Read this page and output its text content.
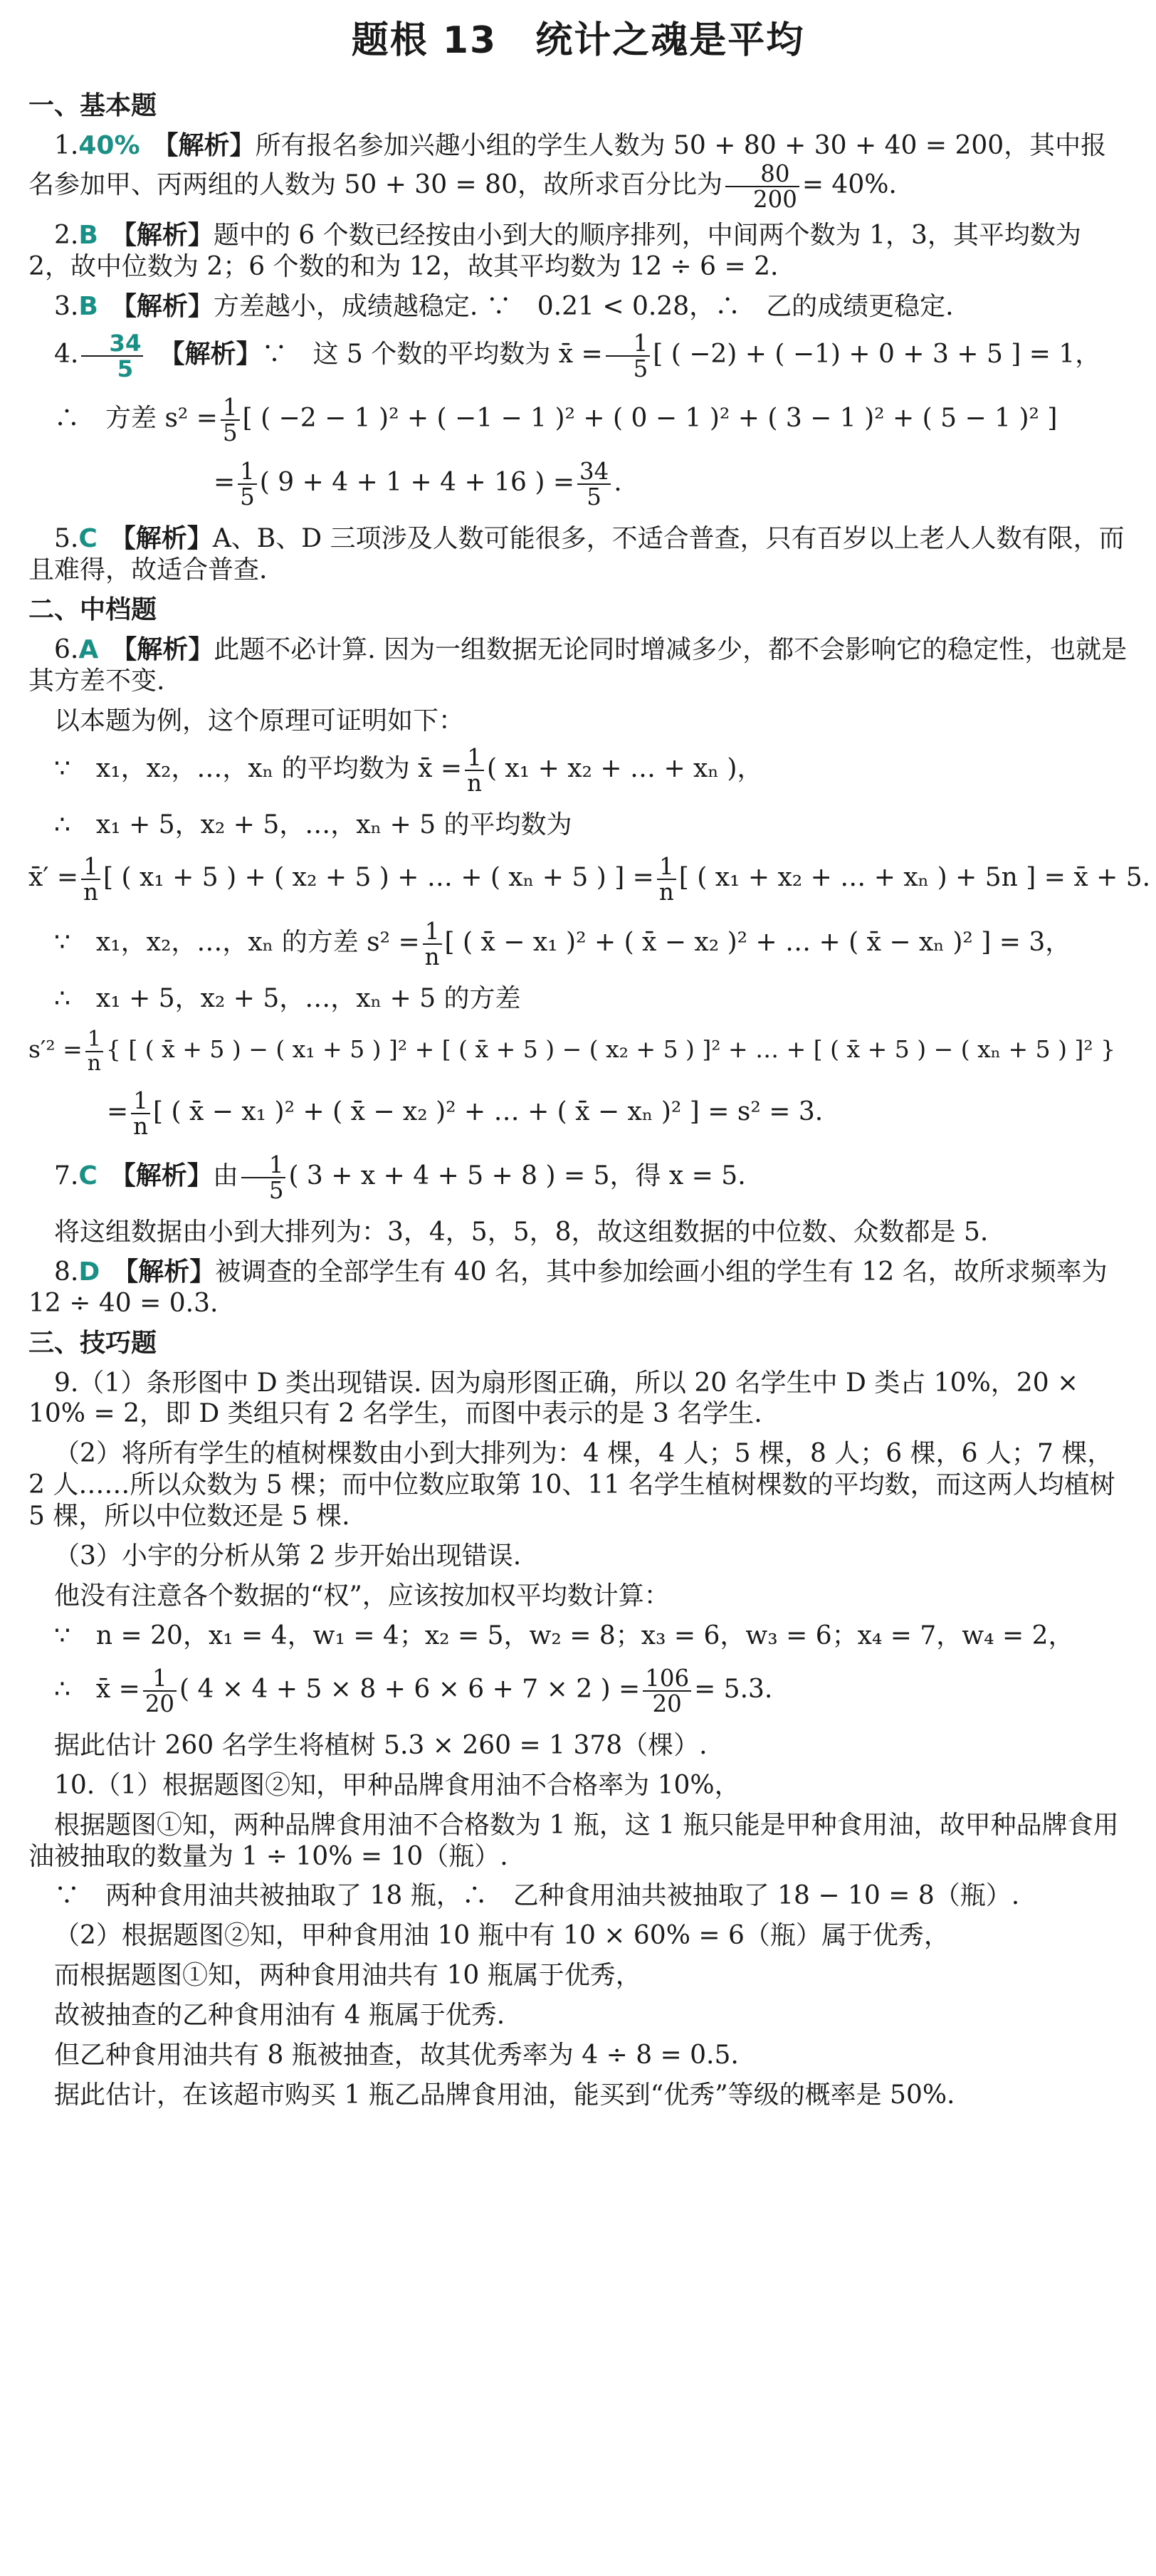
题根 13　统计之魂是平均
一、基本题
1.40%　 【解析】所有报名参加兴趣小组的学生人数为 50 + 80 + 30 + 40 = 200，其中报名参加甲、丙两组的人数为 50 + 30 = 80，故所求百分比为 $\frac{80}{200} = 40\%$.
2.B　 【解析】题中的 6 个数已经按由小到大的顺序排列，中间两个数为 1，3，其平均数为 2，故中位数为 2；6 个数的和为 12，故其平均数为 12 ÷ 6 = 2.
3.B　 【解析】方差越小，成绩越稳定. ∵　0.21 < 0.28，∴　乙的成绩更稳定.
4. $\frac{34}{5}$
　 【解析】∵　这 5 个数的平均数为 x̄ = $\frac{1}{5}$ [ ( −2) + ( −1) + 0 + 3 + 5 ] = 1，
∴　方差 $s^2 = \frac{1}{5}$ [ ( −2 − 1 )² + ( −1 − 1 )² + ( 0 − 1 )² + ( 3 − 1 )² + ( 5 − 1 )² ]
= $\frac{1}{5}$ ( 9 + 4 + 1 + 4 + 16 ) = $\frac{34}{5}$ .
5.C　 【解析】A、B、D 三项涉及人数可能很多，不适合普查，只有百岁以上老人人数有限，而且难得，故适合普查.
二、中档题
6.A　 【解析】此题不必计算. 因为一组数据无论同时增减多少，都不会影响它的稳定性，也就是其方差不变.
以本题为例，这个原理可证明如下：
∵　x₁，x₂，…，xₙ 的平均数为 x̄ = $\frac{1}{n}$ ( x₁ + x₂ + … + xₙ )，
∴　x₁ + 5，x₂ + 5，…，xₙ + 5 的平均数为
x̄′ = $\frac{1}{n}$ [ ( x₁ + 5 ) + ( x₂ + 5 ) + … + ( xₙ + 5 ) ] = $\frac{1}{n}$ [ ( x₁ + x₂ + … + xₙ ) + 5n ] = x̄ + 5.
∵　x₁，x₂，…，xₙ 的方差 $s^2 = \frac{1}{n}$ [ ( x̄ − x₁ )² + ( x̄ − x₂ )² + … + ( x̄ − xₙ )² ] = 3，
∴　x₁ + 5，x₂ + 5，…，xₙ + 5 的方差
$s'^2 = \frac{1}{n}$ { [ ( x̄ + 5 ) − ( x₁ + 5 ) ]² + [ ( x̄ + 5 ) − ( x₂ + 5 ) ]² + … + [ ( x̄ + 5 ) − ( xₙ + 5 ) ]² }
= $\frac{1}{n}$ [ ( x̄ − x₁ )² + ( x̄ − x₂ )² + … + ( x̄ − xₙ )² ] = s² = 3.
7.C　 【解析】由 $\frac{1}{5}$ ( 3 + x + 4 + 5 + 8 ) = 5，得 x = 5.
将这组数据由小到大排列为：3，4，5，5，8，故这组数据的中位数、众数都是 5.
8.D　 【解析】被调查的全部学生有 40 名，其中参加绘画小组的学生有 12 名，故所求频率为 12 ÷ 40 = 0.3.
三、技巧题
9.（1）条形图中 D 类出现错误. 因为扇形图正确，所以 20 名学生中 D 类占 10%，20 × 10% = 2，即 D 类组只有 2 名学生，而图中表示的是 3 名学生.
（2）将所有学生的植树棵数由小到大排列为：4 棵，4 人；5 棵，8 人；6 棵，6 人；7 棵，2 人……所以众数为 5 棵；而中位数应取第 10、11 名学生植树棵数的平均数，而这两人均植树 5 棵，所以中位数还是 5 棵.
（3）小宇的分析从第 2 步开始出现错误.
他没有注意各个数据的“权”，应该按加权平均数计算：
∵　n = 20，x₁ = 4，w₁ = 4；x₂ = 5，w₂ = 8；x₃ = 6，w₃ = 6；x₄ = 7，w₄ = 2，
∴　x̄ = $\frac{1}{20}$ ( 4 × 4 + 5 × 8 + 6 × 6 + 7 × 2 ) = $\frac{106}{20} = 5.3$.
据此估计 260 名学生将植树 5.3 × 260 = 1 378（棵）.
10.（1）根据题图②知，甲种品牌食用油不合格率为 10%，
根据题图①知，两种品牌食用油不合格数为 1 瓶，这 1 瓶只能是甲种食用油，故甲种品牌食用油被抽取的数量为 1 ÷ 10% = 10（瓶）.
∵　两种食用油共被抽取了 18 瓶，∴　乙种食用油共被抽取了 18 − 10 = 8（瓶）.
（2）根据题图②知，甲种食用油 10 瓶中有 10 × 60% = 6（瓶）属于优秀，
而根据题图①知，两种食用油共有 10 瓶属于优秀，
故被抽查的乙种食用油有 4 瓶属于优秀.
但乙种食用油共有 8 瓶被抽查，故其优秀率为 4 ÷ 8 = 0.5.
据此估计，在该超市购买 1 瓶乙品牌食用油，能买到“优秀”等级的概率是 50%.
